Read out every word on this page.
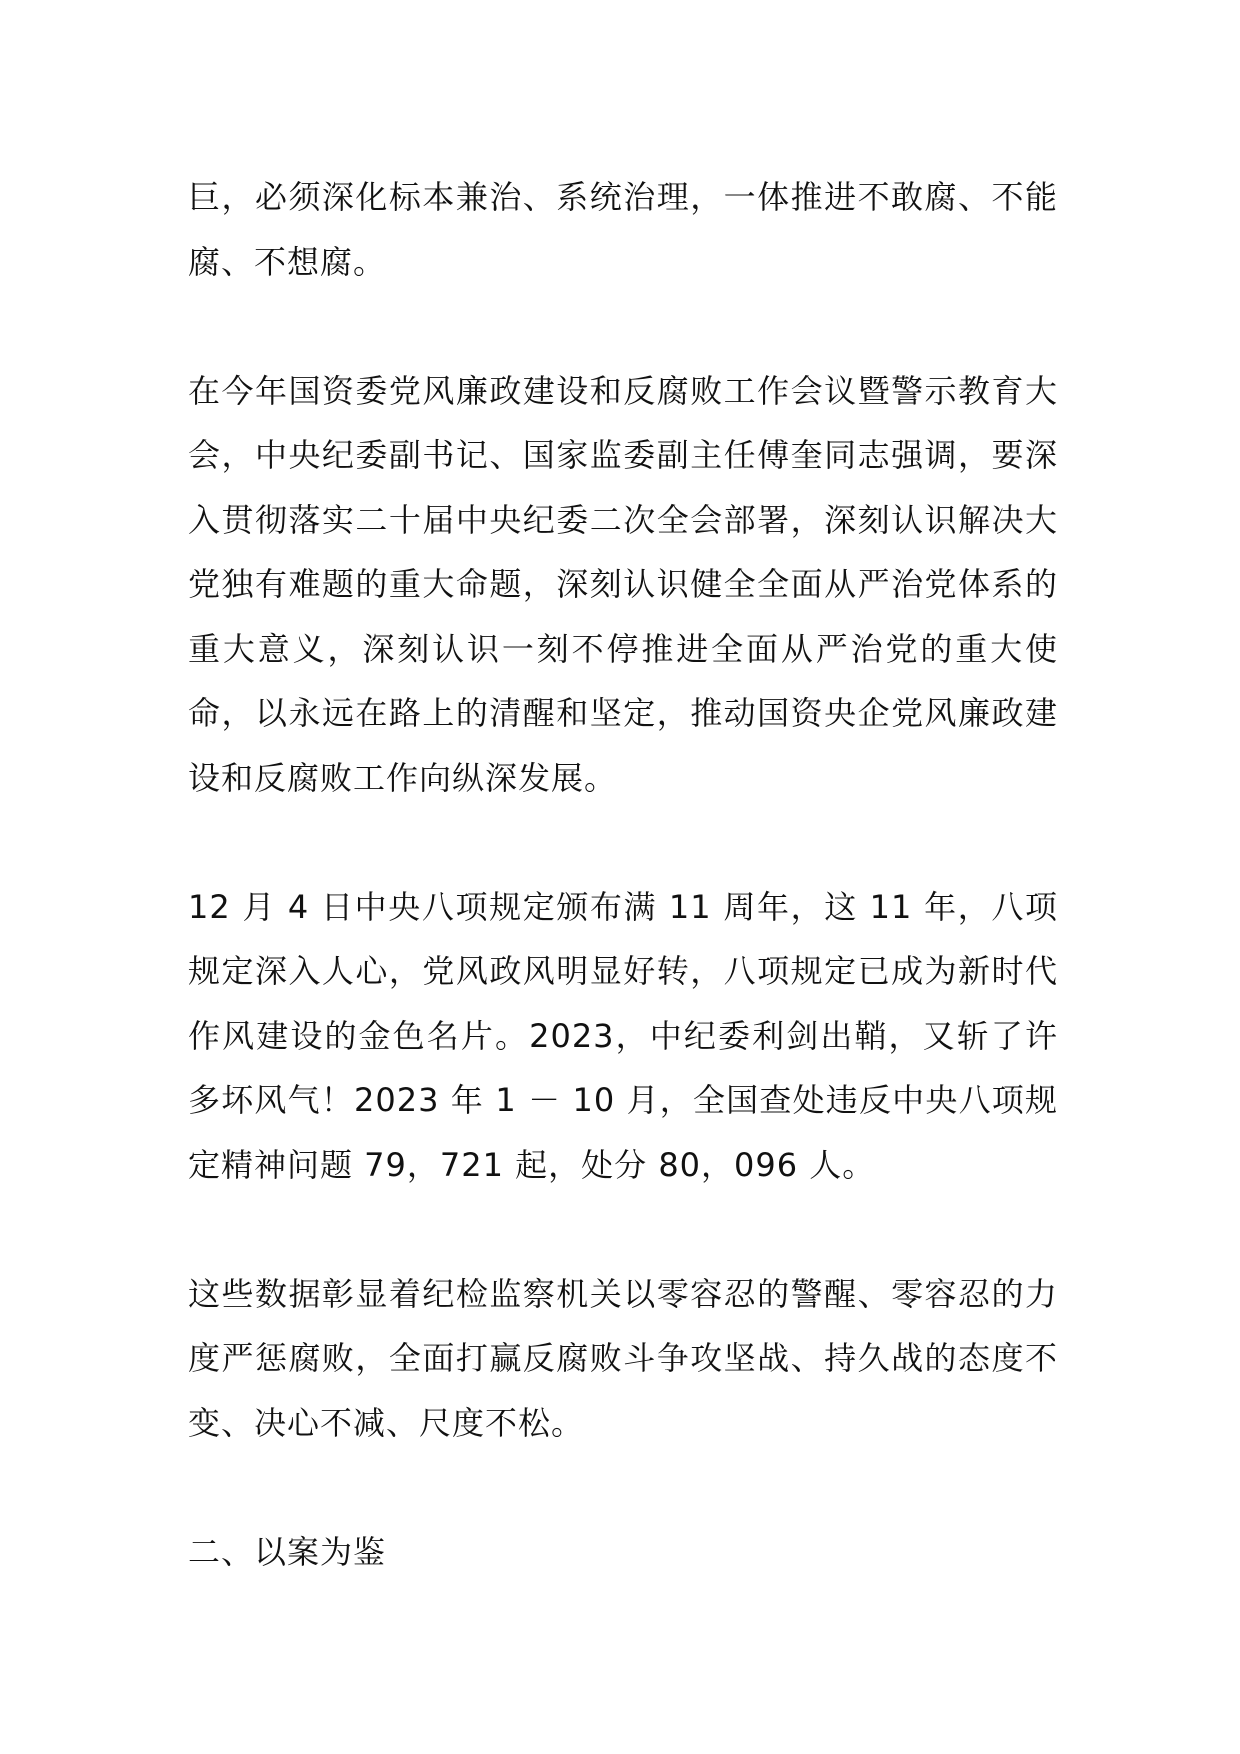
巨，必须深化标本兼治、系统治理，一体推进不敢腐、不能腐、不想腐。

在今年国资委党风廉政建设和反腐败工作会议暨警示教育大会，中央纪委副书记、国家监委副主任傅奎同志强调，要深入贯彻落实二十届中央纪委二次全会部署，深刻认识解决大党独有难题的重大命题，深刻认识健全全面从严治党体系的重大意义，深刻认识一刻不停推进全面从严治党的重大使命，以永远在路上的清醒和坚定，推动国资央企党风廉政建设和反腐败工作向纵深发展。

12 月 4 日中央八项规定颁布满 11 周年，这 11 年，八项规定深入人心，党风政风明显好转，八项规定已成为新时代作风建设的金色名片。2023，中纪委利剑出鞘，又斩了许多坏风气！2023 年 1 － 10 月，全国查处违反中央八项规定精神问题 79，721 起，处分 80，096 人。

这些数据彰显着纪检监察机关以零容忍的警醒、零容忍的力度严惩腐败，全面打赢反腐败斗争攻坚战、持久战的态度不变、决心不减、尺度不松。

二、以案为鉴
